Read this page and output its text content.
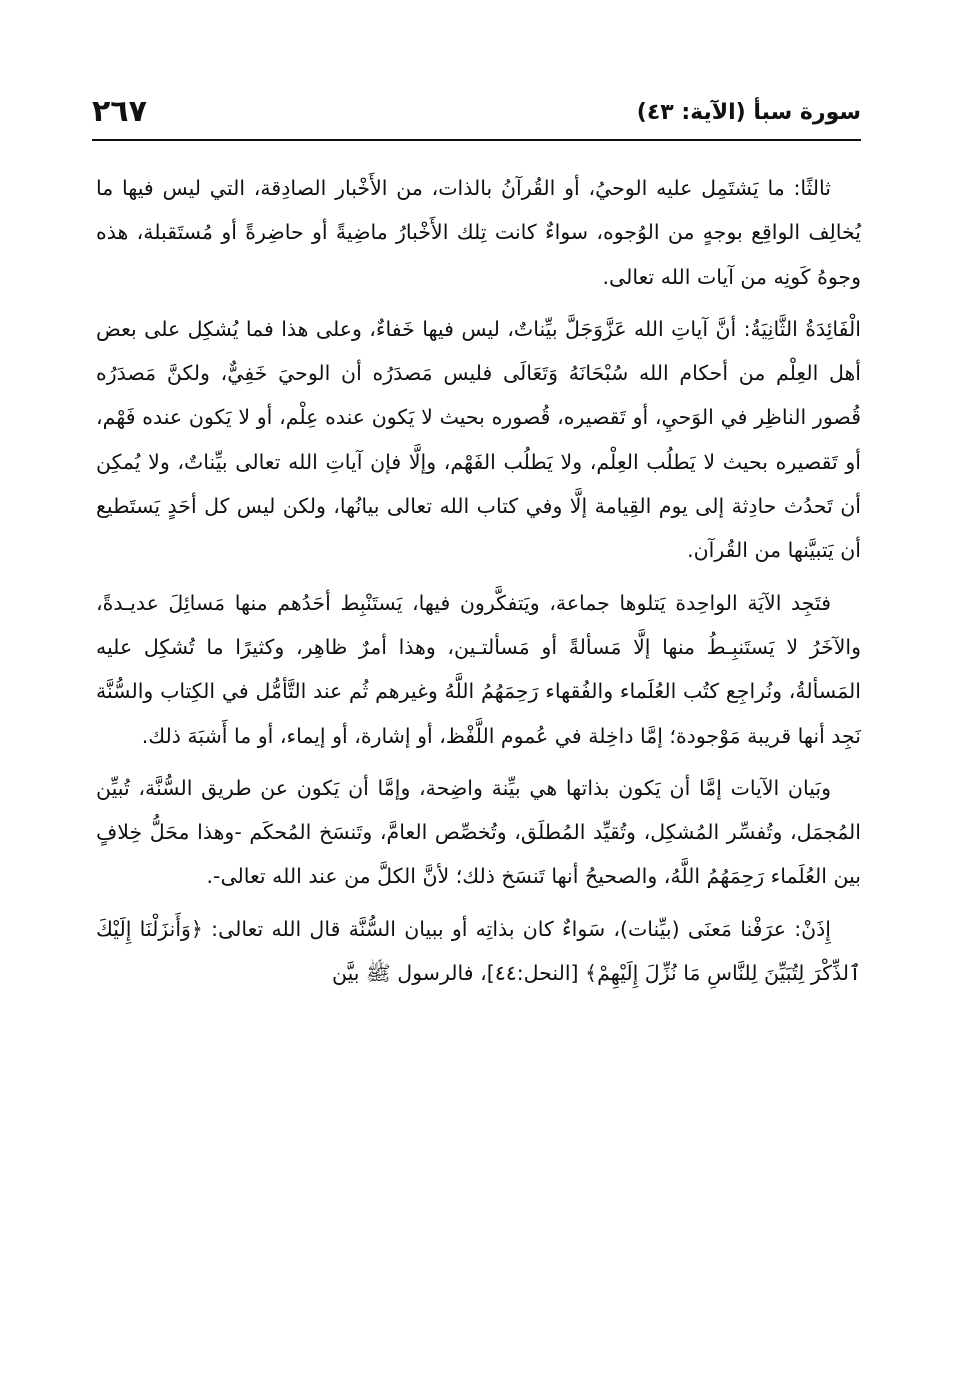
سورة سبأ (الآية: ٤٣)
٢٦٧

ثالثًا: ما يَشتَمِل عليه الوحيُ، أو القُرآنُ بالذات، من الأَخْبار الصادِقة، التي ليس فيها ما يُخالِف الواقِع بوجهٍ من الوُجوه، سواءٌ كانت تِلك الأَخْبارُ ماضِيةً أو حاضِرةً أو مُستَقبلة، هذه وجوهُ كَونِه من آيات الله تعالى.

الْفَائِدَةُ الثَّانِيَةُ: أنَّ آياتِ الله عَزَّوَجَلَّ بيِّناتٌ، ليس فيها خَفاءٌ، وعلى هذا فما يُشكِل على بعض أهل العِلْم من أحكام الله سُبْحَانَهُ وَتَعَالَى فليس مَصدَرُه أن الوحيَ خَفِيٌّ، ولكنَّ مَصدَرُه قُصور الناظِر في الوَحيِ، أو تَقصيره، قُصوره بحيث لا يَكون عنده عِلْم، أو لا يَكون عنده فَهْم، أو تَقصيره بحيث لا يَطلُب العِلْم، ولا يَطلُب الفَهْم، وإلَّا فإن آياتِ الله تعالى بيِّناتٌ، ولا يُمكِن أن تَحدُث حادِثة إلى يوم القِيامة إلَّا وفي كتاب الله تعالى بيانُها، ولكن ليس كل أحَدٍ يَستَطيع أن يَتبيَّنها من القُرآن.

فتَجِد الآيَة الواحِدة يَتلوها جماعة، ويَتفكَّرون فيها، يَستَنْبِط أحَدُهم منها مَسائِلَ عديـدةً، والآخَرُ لا يَستَنبِـطُ منها إلَّا مَسألةً أو مَسألتـين، وهذا أمرٌ ظاهِر، وكثيرًا ما تُشكِل عليه المَسألةُ، ونُراجِع كتُب العُلَماء والفُقهاء رَحِمَهُمُ اللَّهُ وغيرهم ثُم عند التَّأمُّل في الكِتاب والسُّنَّة نَجِد أنها قريبة مَوْجودة؛ إمَّا داخِلة في عُموم اللَّفْظ، أو إشارة، أو إيماء، أو ما أَشبَهَ ذلك.

وبَيان الآيات إمَّا أن يَكون بذاتها هي بيِّنة واضِحة، وإمَّا أن يَكون عن طريق السُّنَّة، تُبيِّن المُجمَل، وتُفسِّر المُشكِل، وتُقيِّد المُطلَق، وتُخصِّص العامَّ، وتَنسَخ المُحكَم -وهذا محَلُّ خِلافٍ بين العُلَماء رَحِمَهُمُ اللَّهُ، والصحيحُ أنها تَنسَخ ذلك؛ لأنَّ الكلَّ من عند الله تعالى-.

إِذَنْ: عرَفْنا مَعنَى (بيِّنات)، سَواءٌ كان بذاتِه أو ببيان السُّنَّة قال الله تعالى: ﴿وَأَنزَلْنَا إِلَيْكَ ٱلذِّكْرَ لِتُبَيِّنَ لِلنَّاسِ مَا نُزِّلَ إِلَيْهِمْ﴾ [النحل:٤٤]، فالرسول ﷺ بيَّن
